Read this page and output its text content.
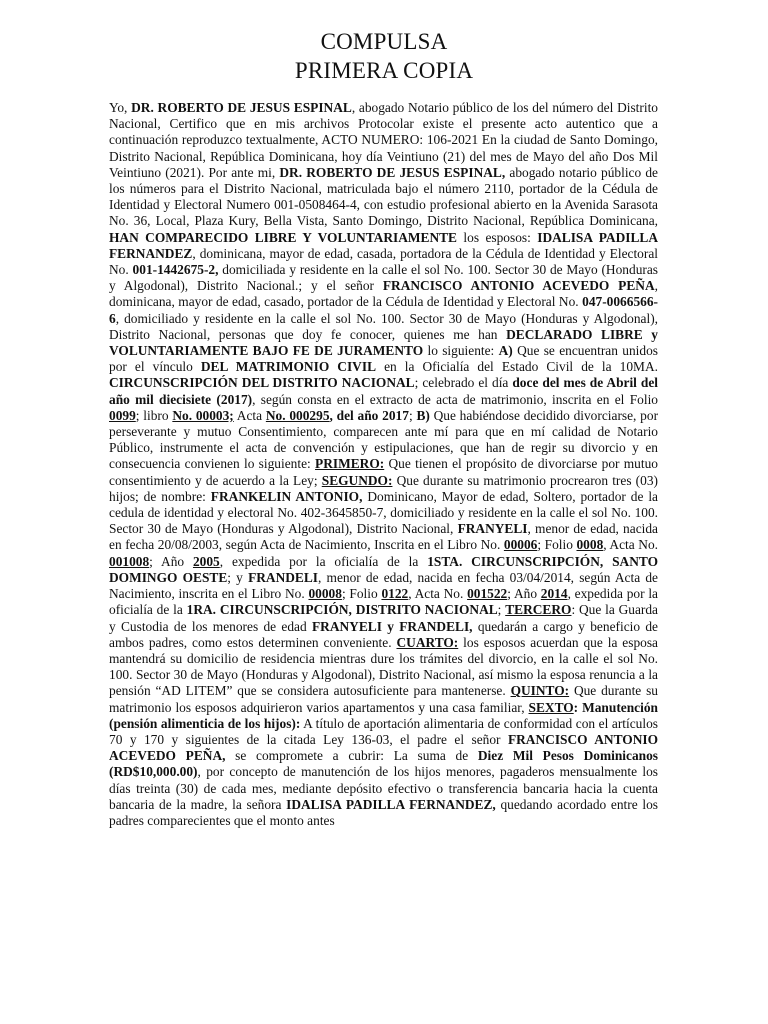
COMPULSA
PRIMERA COPIA

Yo, DR. ROBERTO DE JESUS ESPINAL, abogado Notario público de los del número del Distrito Nacional, Certifico que en mis archivos Protocolar existe el presente acto autentico que a continuación reproduzco textualmente, ACTO NUMERO: 106-2021 En la ciudad de Santo Domingo, Distrito Nacional, República Dominicana, hoy día Veintiuno (21) del mes de Mayo del año Dos Mil Veintiuno (2021). Por ante mi, DR. ROBERTO DE JESUS ESPINAL, abogado notario público de los números para el Distrito Nacional, matriculada bajo el número 2110, portador de la Cédula de Identidad y Electoral Numero 001-0508464-4, con estudio profesional abierto en la Avenida Sarasota No. 36, Local, Plaza Kury, Bella Vista, Santo Domingo, Distrito Nacional, República Dominicana, HAN COMPARECIDO LIBRE Y VOLUNTARIAMENTE los esposos: IDALISA PADILLA FERNANDEZ, dominicana, mayor de edad, casada, portadora de la Cédula de Identidad y Electoral No. 001-1442675-2, domiciliada y residente en la calle el sol No. 100. Sector 30 de Mayo (Honduras y Algodonal), Distrito Nacional.; y el señor FRANCISCO ANTONIO ACEVEDO PEÑA, dominicana, mayor de edad, casado, portador de la Cédula de Identidad y Electoral No. 047-0066566-6, domiciliado y residente en la calle el sol No. 100. Sector 30 de Mayo (Honduras y Algodonal), Distrito Nacional, personas que doy fe conocer, quienes me han DECLARADO LIBRE y VOLUNTARIAMENTE BAJO FE DE JURAMENTO lo siguiente: A) Que se encuentran unidos por el vínculo DEL MATRIMONIO CIVIL en la Oficialía del Estado Civil de la 10MA. CIRCUNSCRIPCIÓN DEL DISTRITO NACIONAL; celebrado el día doce del mes de Abril del año mil diecisiete (2017), según consta en el extracto de acta de matrimonio, inscrita en el Folio 0099; libro No. 00003; Acta No. 000295, del año 2017; B) Que habiéndose decidido divorciarse, por perseverante y mutuo Consentimiento, comparecen ante mí para que en mí calidad de Notario Público, instrumente el acta de convención y estipulaciones, que han de regir su divorcio y en consecuencia convienen lo siguiente: PRIMERO: Que tienen el propósito de divorciarse por mutuo consentimiento y de acuerdo a la Ley; SEGUNDO: Que durante su matrimonio procrearon tres (03) hijos; de nombre: FRANKELIN ANTONIO, Dominicano, Mayor de edad, Soltero, portador de la cedula de identidad y electoral No. 402-3645850-7, domiciliado y residente en la calle el sol No. 100. Sector 30 de Mayo (Honduras y Algodonal), Distrito Nacional, FRANYELI, menor de edad, nacida en fecha 20/08/2003, según Acta de Nacimiento, Inscrita en el Libro No. 00006; Folio 0008, Acta No. 001008; Año 2005, expedida por la oficialía de la 1STA. CIRCUNSCRIPCIÓN, SANTO DOMINGO OESTE; y FRANDELI, menor de edad, nacida en fecha 03/04/2014, según Acta de Nacimiento, inscrita en el Libro No. 00008; Folio 0122, Acta No. 001522; Año 2014, expedida por la oficialía de la 1RA. CIRCUNSCRIPCIÓN, DISTRITO NACIONAL; TERCERO: Que la Guarda y Custodia de los menores de edad FRANYELI y FRANDELI, quedarán a cargo y beneficio de ambos padres, como estos determinen conveniente. CUARTO: los esposos acuerdan que la esposa mantendrá su domicilio de residencia mientras dure los trámites del divorcio, en la calle el sol No. 100. Sector 30 de Mayo (Honduras y Algodonal), Distrito Nacional, así mismo la esposa renuncia a la pensión “AD LITEM” que se considera autosuficiente para mantenerse. QUINTO: Que durante su matrimonio los esposos adquirieron varios apartamentos y una casa familiar, SEXTO: Manutención (pensión alimenticia de los hijos): A título de aportación alimentaria de conformidad con el artículos 70 y 170 y siguientes de la citada Ley 136-03, el padre el señor FRANCISCO ANTONIO ACEVEDO PEÑA, se compromete a cubrir: La suma de Diez Mil Pesos Dominicanos (RD$10,000.00), por concepto de manutención de los hijos menores, pagaderos mensualmente los días treinta (30) de cada mes, mediante depósito efectivo o transferencia bancaria hacia la cuenta bancaria de la madre, la señora IDALISA PADILLA FERNANDEZ, quedando acordado entre los padres comparecientes que el monto antes
